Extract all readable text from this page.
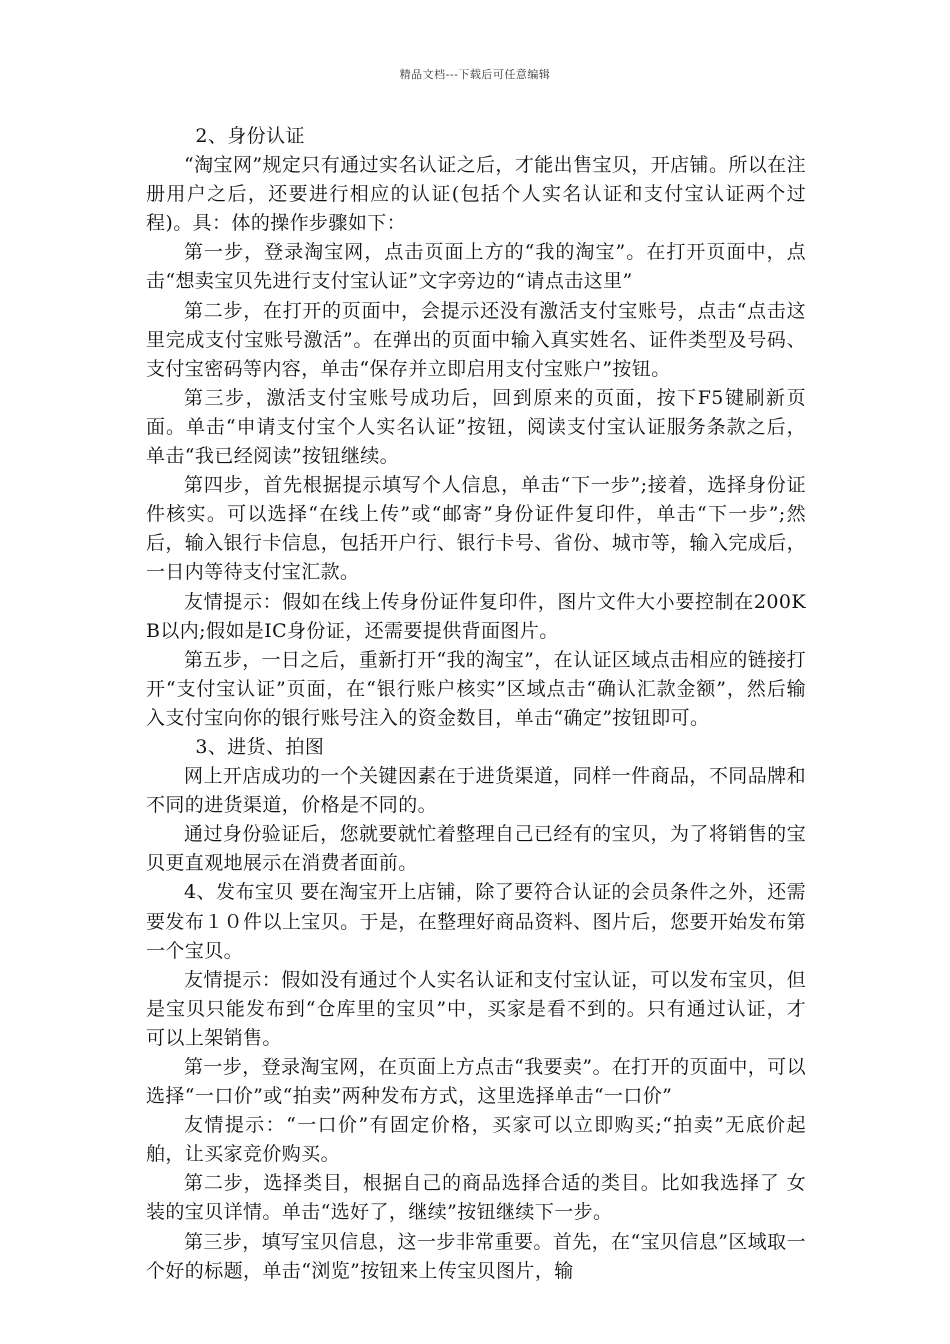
精品文档---下载后可任意编辑

2、身份认证

“淘宝网”规定只有通过实名认证之后，才能出售宝贝，开店铺。所以在注册用户之后，还要进行相应的认证(包括个人实名认证和支付宝认证两个过程)。具：体的操作步骤如下：

第一步，登录淘宝网，点击页面上方的“我的淘宝”。在打开页面中，点击“想卖宝贝先进行支付宝认证”文字旁边的“请点击这里”

第二步，在打开的页面中，会提示还没有激活支付宝账号，点击“点击这里完成支付宝账号激活”。在弹出的页面中输入真实姓名、证件类型及号码、支付宝密码等内容，单击“保存并立即启用支付宝账户”按钮。

第三步，激活支付宝账号成功后，回到原来的页面，按下F5键刷新页面。单击“申请支付宝个人实名认证”按钮，阅读支付宝认证服务条款之后，单击“我已经阅读”按钮继续。

第四步，首先根据提示填写个人信息，单击“下一步”;接着，选择身份证件核实。可以选择“在线上传”或“邮寄”身份证件复印件，单击“下一步”;然后，输入银行卡信息，包括开户行、银行卡号、省份、城市等，输入完成后，一日内等待支付宝汇款。

友情提示：假如在线上传身份证件复印件，图片文件大小要控制在200KB以内;假如是IC身份证，还需要提供背面图片。

第五步，一日之后，重新打开“我的淘宝”，在认证区域点击相应的链接打开“支付宝认证”页面，在“银行账户核实”区域点击“确认汇款金额”，然后输入支付宝向你的银行账号注入的资金数目，单击“确定”按钮即可。

3、进货、拍图

网上开店成功的一个关键因素在于进货渠道，同样一件商品，不同品牌和不同的进货渠道，价格是不同的。

通过身份验证后，您就要就忙着整理自己已经有的宝贝，为了将销售的宝贝更直观地展示在消费者面前。

4、发布宝贝 要在淘宝开上店铺，除了要符合认证的会员条件之外，还需要发布１０件以上宝贝。于是，在整理好商品资料、图片后，您要开始发布第一个宝贝。

友情提示：假如没有通过个人实名认证和支付宝认证，可以发布宝贝，但是宝贝只能发布到“仓库里的宝贝”中，买家是看不到的。只有通过认证，才可以上架销售。

第一步，登录淘宝网，在页面上方点击“我要卖”。在打开的页面中，可以选择“一口价”或“拍卖”两种发布方式，这里选择单击“一口价”

友情提示：“一口价”有固定价格，买家可以立即购买;“拍卖”无底价起舶，让买家竞价购买。

第二步，选择类目，根据自己的商品选择合适的类目。比如我选择了 女装的宝贝详情。单击“选好了，继续”按钮继续下一步。

第三步，填写宝贝信息，这一步非常重要。首先，在“宝贝信息”区域取一个好的标题，单击“浏览”按钮来上传宝贝图片，输
